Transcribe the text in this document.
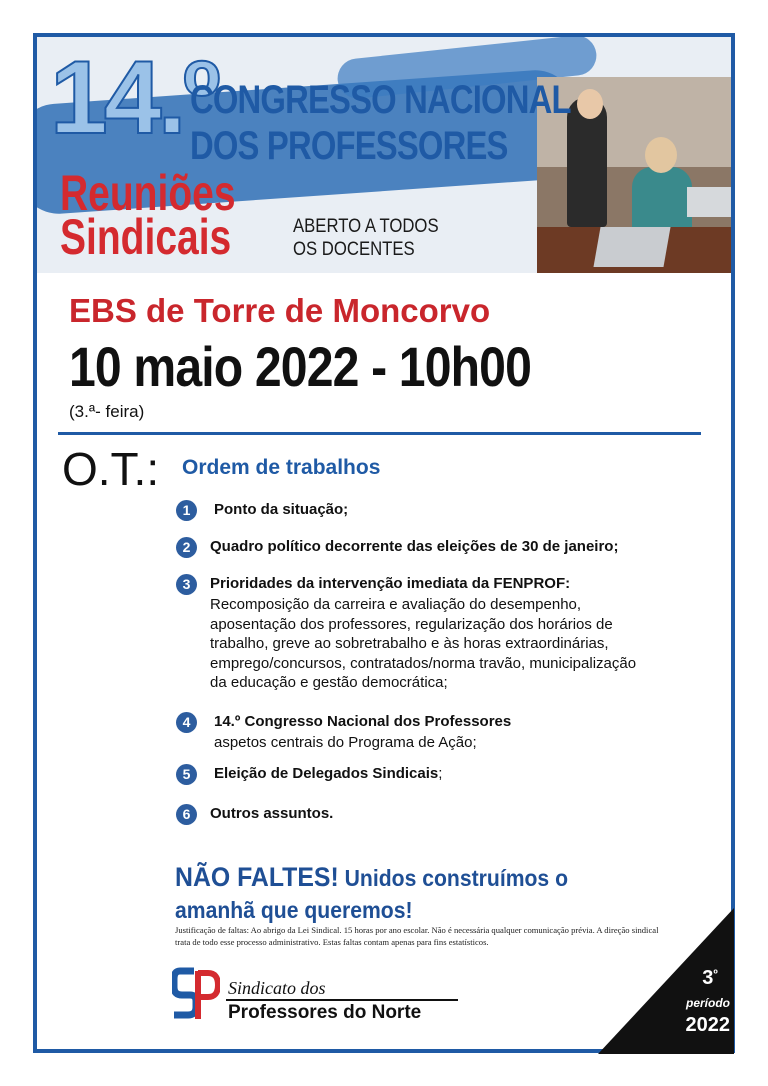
14.º
CONGRESSO NACIONAL
DOS PROFESSORES
Reuniões
Sindicais	ABERTO A TODOS
OS DOCENTES
EBS de Torre de Moncorvo
10 maio 2022 - 10h00
(3.ª- feira)
O.T.: Ordem de trabalhos
1	Ponto da situação;
2	Quadro político decorrente das eleições de 30 de janeiro;
3	Prioridades da intervenção imediata da FENPROF:
Recomposição da carreira e avaliação do desempenho,
aposentação dos professores, regularização dos horários de
trabalho, greve ao sobretrabalho e às horas extraordinárias,
emprego/concursos, contratados/norma travão, municipalização
da educação e gestão democrática;
4	14.º Congresso Nacional dos Professores
aspetos centrais do Programa de Ação;
5	Eleição de Delegados Sindicais;
6	Outros assuntos.
NÃO FALTES! Unidos construímos o
amanhã que queremos!
Justificação de faltas: Ao abrigo da Lei Sindical. 15 horas por ano escolar. Não é necessária qualquer comunicação prévia. A direção sindical trata de todo esse processo administrativo. Estas faltas contam apenas para fins estatísticos.
Sindicato dos
Professores do Norte
$3^º$
período
2022
